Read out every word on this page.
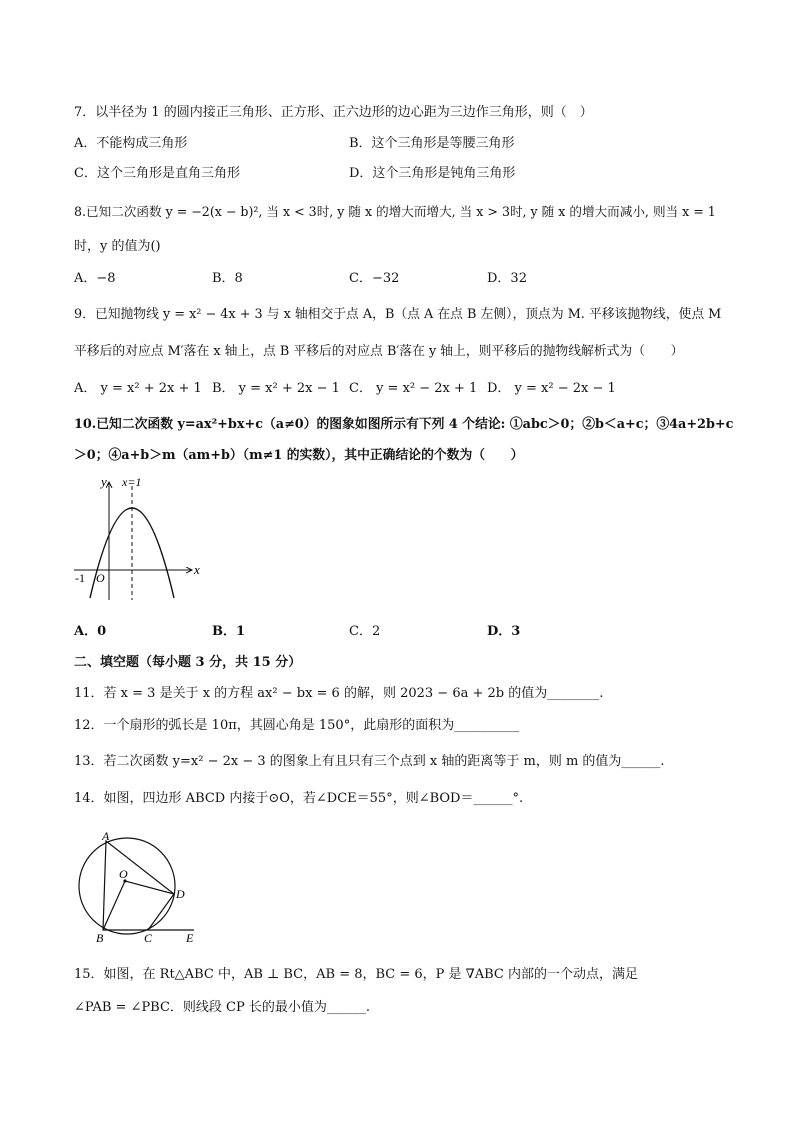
7．以半径为 1 的圆内接正三角形、正方形、正六边形的边心距为三边作三角形，则（　）
A．不能构成三角形	B．这个三角形是等腰三角形
C．这个三角形是直角三角形	D．这个三角形是钝角三角形
8.已知二次函数 y = −2(x − b)², 当 x < 3时, y 随 x 的增大而增大, 当 x > 3时, y 随 x 的增大而减小, 则当 x = 1
时，y 的值为()
A．−8	B．8	C．−32	D．32
9．已知抛物线 y = x² − 4x + 3 与 x 轴相交于点 A，B（点 A 在点 B 左侧），顶点为 M. 平移该抛物线，使点 M
平移后的对应点 M′落在 x 轴上，点 B 平移后的对应点 B′落在 y 轴上，则平移后的抛物线解析式为（　　）
A． y = x² + 2x + 1 B． y = x² + 2x − 1 C． y = x² − 2x + 1 D． y = x² − 2x − 1
10.已知二次函数 y=ax²+bx+c（a≠0）的图象如图所示有下列 4 个结论: ①abc＞0；②b＜a+c；③4a+2b+c
＞0；④a+b＞m（am+b）（m≠1 的实数），其中正确结论的个数为（　　）
y
x
x=1
O
-1
A．0	B．1	C．2	D．3
二、填空题（每小题 3 分，共 15 分）
11．若 x = 3 是关于 x 的方程 ax² − bx = 6 的解，则 2023 − 6a + 2b 的值为________.
12．一个扇形的弧长是 10π，其圆心角是 150°，此扇形的面积为__________
13．若二次函数 y=x² − 2x − 3 的图象上有且只有三个点到 x 轴的距离等于 m，则 m 的值为______.
14．如图，四边形 ABCD 内接于⊙O，若∠DCE＝55°，则∠BOD＝______°.
A
O
D
B	C	E
15．如图，在 Rt△ABC 中，AB ⊥ BC，AB = 8，BC = 6，P 是 ∇ABC 内部的一个动点，满足
∠PAB = ∠PBC．则线段 CP 长的最小值为______.
